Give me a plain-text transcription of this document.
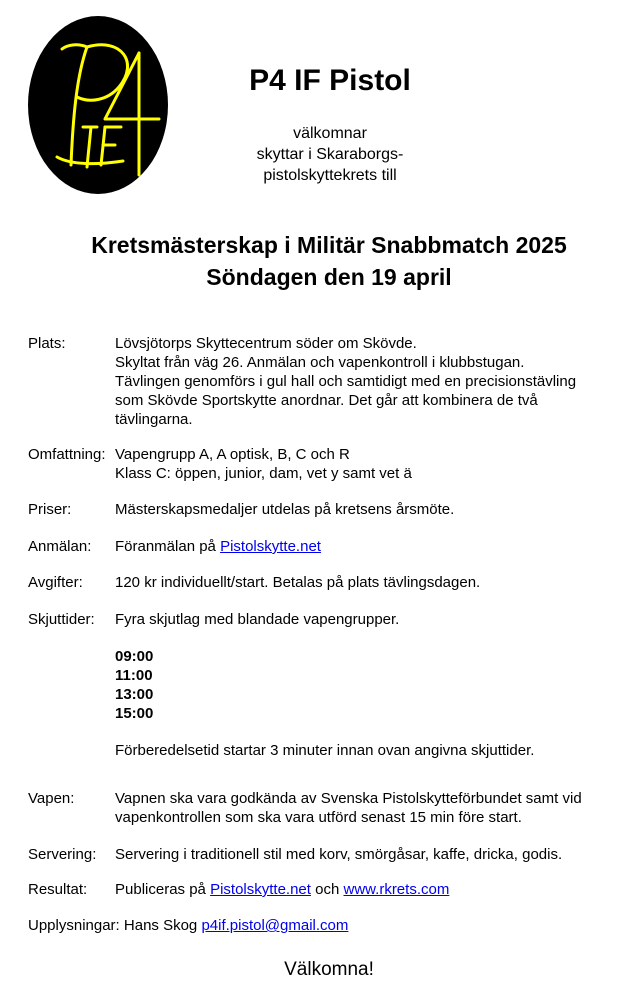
P4 IF Pistol
välkomnar
skyttar i Skaraborgs-
pistolskyttekrets till
Kretsmästerskap i Militär Snabbmatch 2025
Söndagen den 19 april
Plats:	Lövsjötorps Skyttecentrum söder om Skövde.
Skyltat från väg 26. Anmälan och vapenkontroll i klubbstugan.
Tävlingen genomförs i gul hall och samtidigt med en precisionstävling
som Skövde Sportskytte anordnar. Det går att kombinera de två
tävlingarna.
Omfattning: Vapengrupp A, A optisk, B, C och R
Klass C: öppen, junior, dam, vet y samt vet ä
Priser:	Mästerskapsmedaljer utdelas på kretsens årsmöte.
Anmälan: Föranmälan på Pistolskytte.net
Avgifter: 120 kr individuellt/start. Betalas på plats tävlingsdagen.
Skjuttider: Fyra skjutlag med blandade vapengrupper.
09:00
11:00
13:00
15:00
Förberedelsetid startar 3 minuter innan ovan angivna skjuttider.
Vapen:	Vapnen ska vara godkända av Svenska Pistolskytteförbundet samt vid
vapenkontrollen som ska vara utförd senast 15 min före start.
Servering: Servering i traditionell stil med korv, smörgåsar, kaffe, dricka, godis.
Resultat: Publiceras på Pistolskytte.net och www.rkrets.com
Upplysningar: Hans Skog p4if.pistol@gmail.com
Välkomna!
